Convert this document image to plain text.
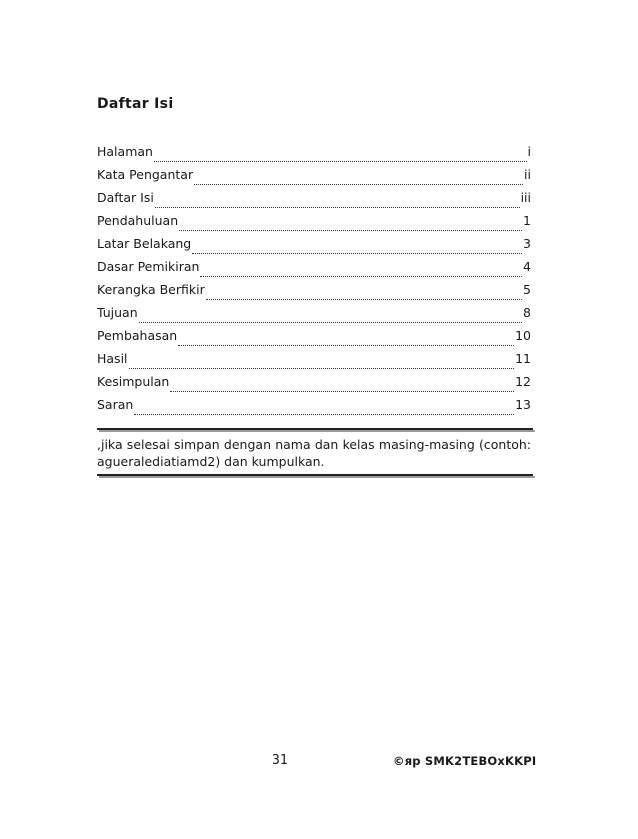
Daftar Isi
Halaman	i
Kata Pengantar	ii
Daftar Isi	iii
Pendahuluan	1
Latar Belakang	3
Dasar Pemikiran	4
Kerangka Berfikir	5
Tujuan	8
Pembahasan	10
Hasil	11
Kesimpulan	12
Saran	13
,jika selesai simpan dengan nama dan kelas masing-masing (contoh: agueralediatiamd2) dan kumpulkan.
31	©яр SMK2TEBOxKKPI
